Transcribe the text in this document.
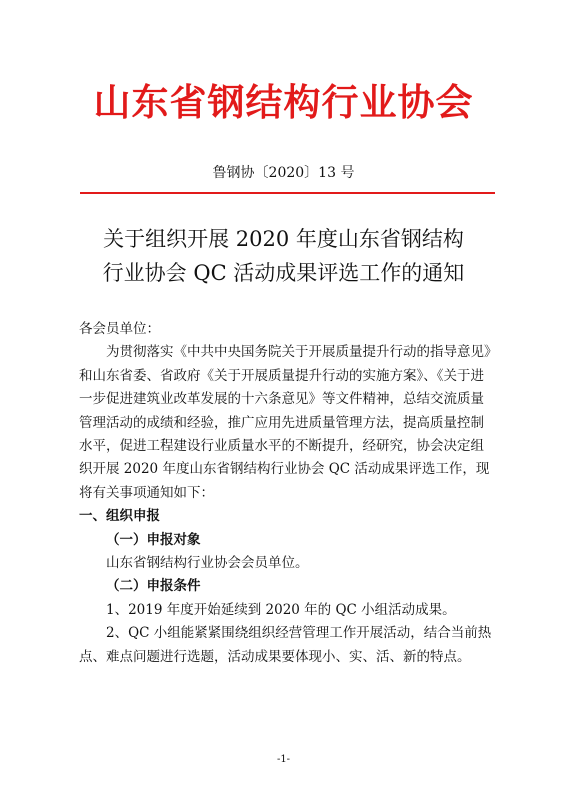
山东省钢结构行业协会
鲁钢协〔2020〕13 号
关于组织开展 2020 年度山东省钢结构
行业协会 QC 活动成果评选工作的通知

各会员单位：

为贯彻落实《中共中央国务院关于开展质量提升行动的指导意见》和山东省委、省政府《关于开展质量提升行动的实施方案》、《关于进一步促进建筑业改革发展的十六条意见》等文件精神，总结交流质量管理活动的成绩和经验，推广应用先进质量管理方法，提高质量控制水平，促进工程建设行业质量水平的不断提升，经研究，协会决定组织开展 2020 年度山东省钢结构行业协会 QC 活动成果评选工作，现将有关事项通知如下：

一、组织申报

（一）申报对象

山东省钢结构行业协会会员单位。

（二）申报条件

1、2019 年度开始延续到 2020 年的 QC 小组活动成果。

2、QC 小组能紧紧围绕组织经营管理工作开展活动，结合当前热点、难点问题进行选题，活动成果要体现小、实、活、新的特点。

-1-
